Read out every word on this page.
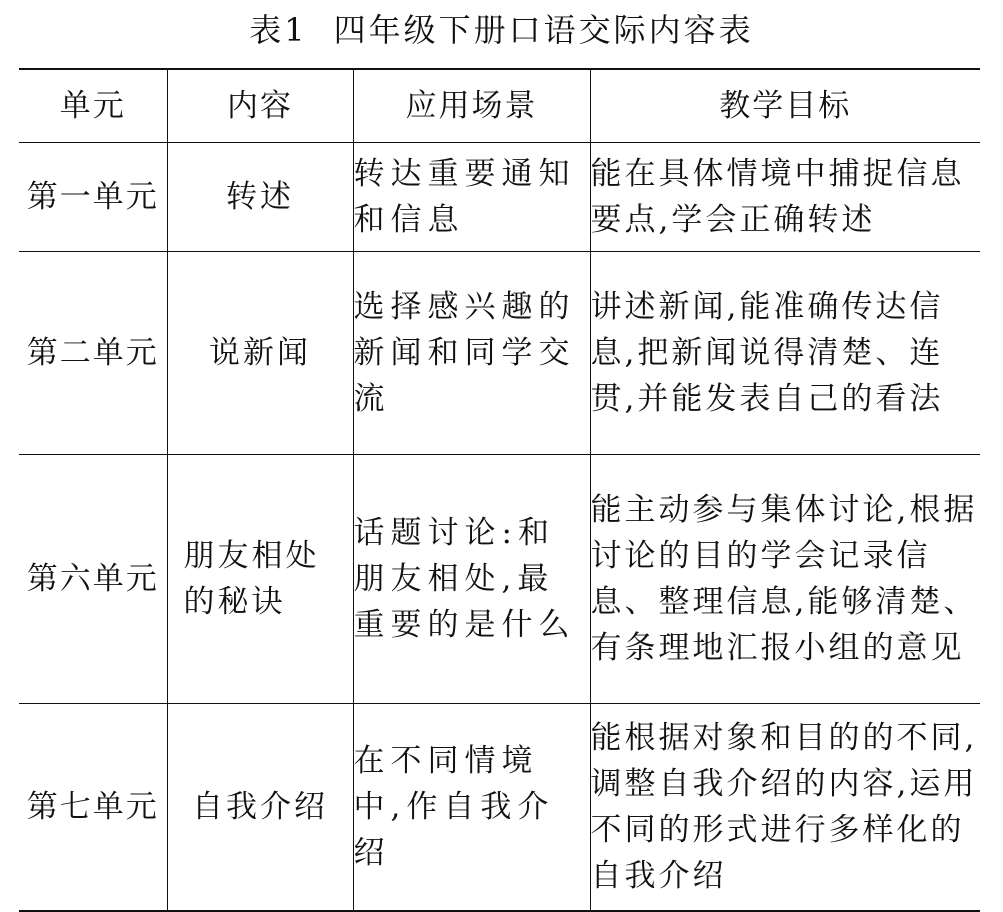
表1 四年级下册口语交际内容表
单元	内容	应用场景	教学目标
第一单元	转述	转达重要通知和信息	能在具体情境中捕捉信息要点,学会正确转述
第二单元	说新闻	选择感兴趣的新闻和同学交流	讲述新闻,能准确传达信息,把新闻说得清楚、连贯,并能发表自己的看法
第六单元	朋友相处的秘诀	话题讨论:和朋友相处,最重要的是什么	能主动参与集体讨论,根据讨论的目的学会记录信息、整理信息,能够清楚、有条理地汇报小组的意见
第七单元	自我介绍	在不同情境中,作自我介绍	能根据对象和目的的不同,调整自我介绍的内容,运用不同的形式进行多样化的自我介绍
